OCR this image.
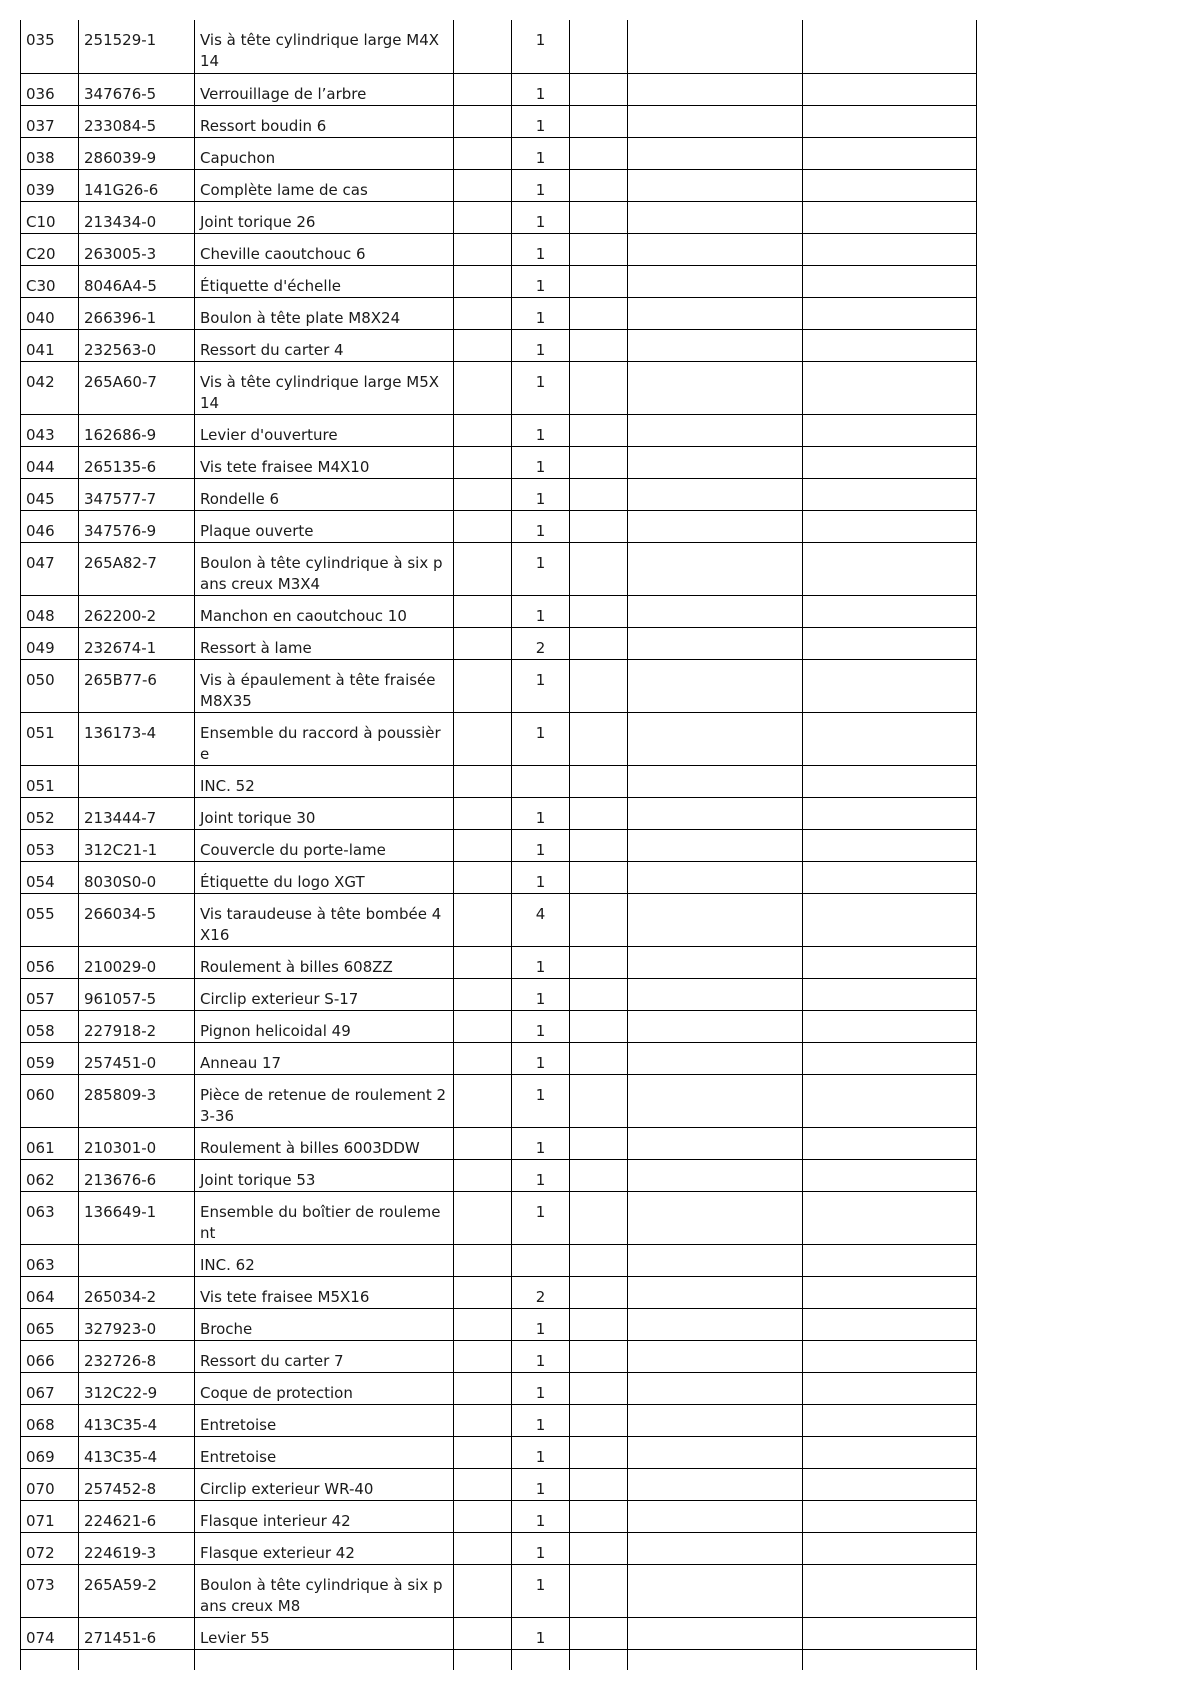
035	251529-1	Vis à tête cylindrique large M4X14		1			
036	347676-5	Verrouillage de l’arbre		1			
037	233084-5	Ressort boudin 6		1			
038	286039-9	Capuchon		1			
039	141G26-6	Complète lame de cas		1			
C10	213434-0	Joint torique 26		1			
C20	263005-3	Cheville caoutchouc 6		1			
C30	8046A4-5	Étiquette d'échelle		1			
040	266396-1	Boulon à tête plate M8X24		1			
041	232563-0	Ressort du carter 4		1			
042	265A60-7	Vis à tête cylindrique large M5X14		1			
043	162686-9	Levier d'ouverture		1			
044	265135-6	Vis tete fraisee M4X10		1			
045	347577-7	Rondelle 6		1			
046	347576-9	Plaque ouverte		1			
047	265A82-7	Boulon à tête cylindrique à six pans creux M3X4		1			
048	262200-2	Manchon en caoutchouc 10		1			
049	232674-1	Ressort à lame		2			
050	265B77-6	Vis à épaulement à tête fraisée M8X35		1			
051	136173-4	Ensemble du raccord à poussière		1			
051		INC. 52					
052	213444-7	Joint torique 30		1			
053	312C21-1	Couvercle du porte-lame		1			
054	8030S0-0	Étiquette du logo XGT		1			
055	266034-5	Vis taraudeuse à tête bombée 4X16		4			
056	210029-0	Roulement à billes 608ZZ		1			
057	961057-5	Circlip exterieur S-17		1			
058	227918-2	Pignon helicoidal 49		1			
059	257451-0	Anneau 17		1			
060	285809-3	Pièce de retenue de roulement 23-36		1			
061	210301-0	Roulement à billes 6003DDW		1			
062	213676-6	Joint torique 53		1			
063	136649-1	Ensemble du boîtier de roulement		1			
063		INC. 62					
064	265034-2	Vis tete fraisee M5X16		2			
065	327923-0	Broche		1			
066	232726-8	Ressort du carter 7		1			
067	312C22-9	Coque de protection		1			
068	413C35-4	Entretoise		1			
069	413C35-4	Entretoise		1			
070	257452-8	Circlip exterieur WR-40		1			
071	224621-6	Flasque interieur 42		1			
072	224619-3	Flasque exterieur 42		1			
073	265A59-2	Boulon à tête cylindrique à six pans creux M8		1			
074	271451-6	Levier 55		1			
